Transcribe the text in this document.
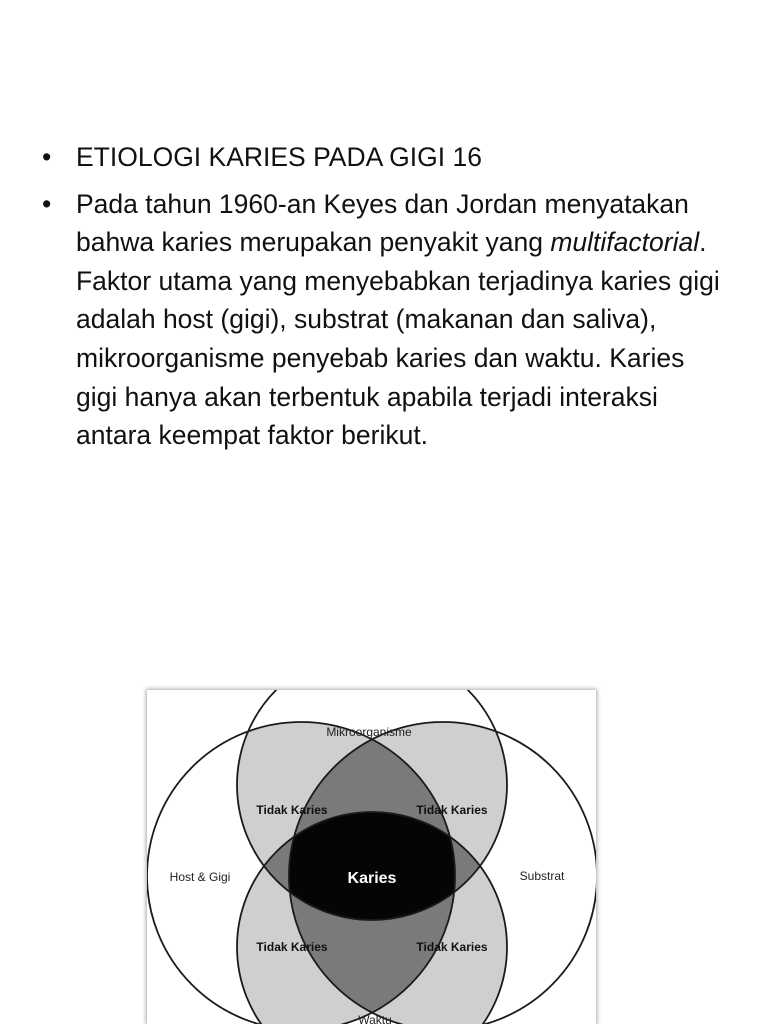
• ETIOLOGI KARIES PADA GIGI 16
• Pada tahun 1960-an Keyes dan Jordan menyatakan bahwa karies merupakan penyakit yang multifactorial. Faktor utama yang menyebabkan terjadinya karies gigi adalah host (gigi), substrat (makanan dan saliva), mikroorganisme penyebab karies dan waktu. Karies gigi hanya akan terbentuk apabila terjadi interaksi antara keempat faktor berikut.
Mikroorganisme
Host & Gigi	Substrat
Waktu
Tidak Karies	Tidak Karies
Tidak Karies	Tidak Karies
Karies
